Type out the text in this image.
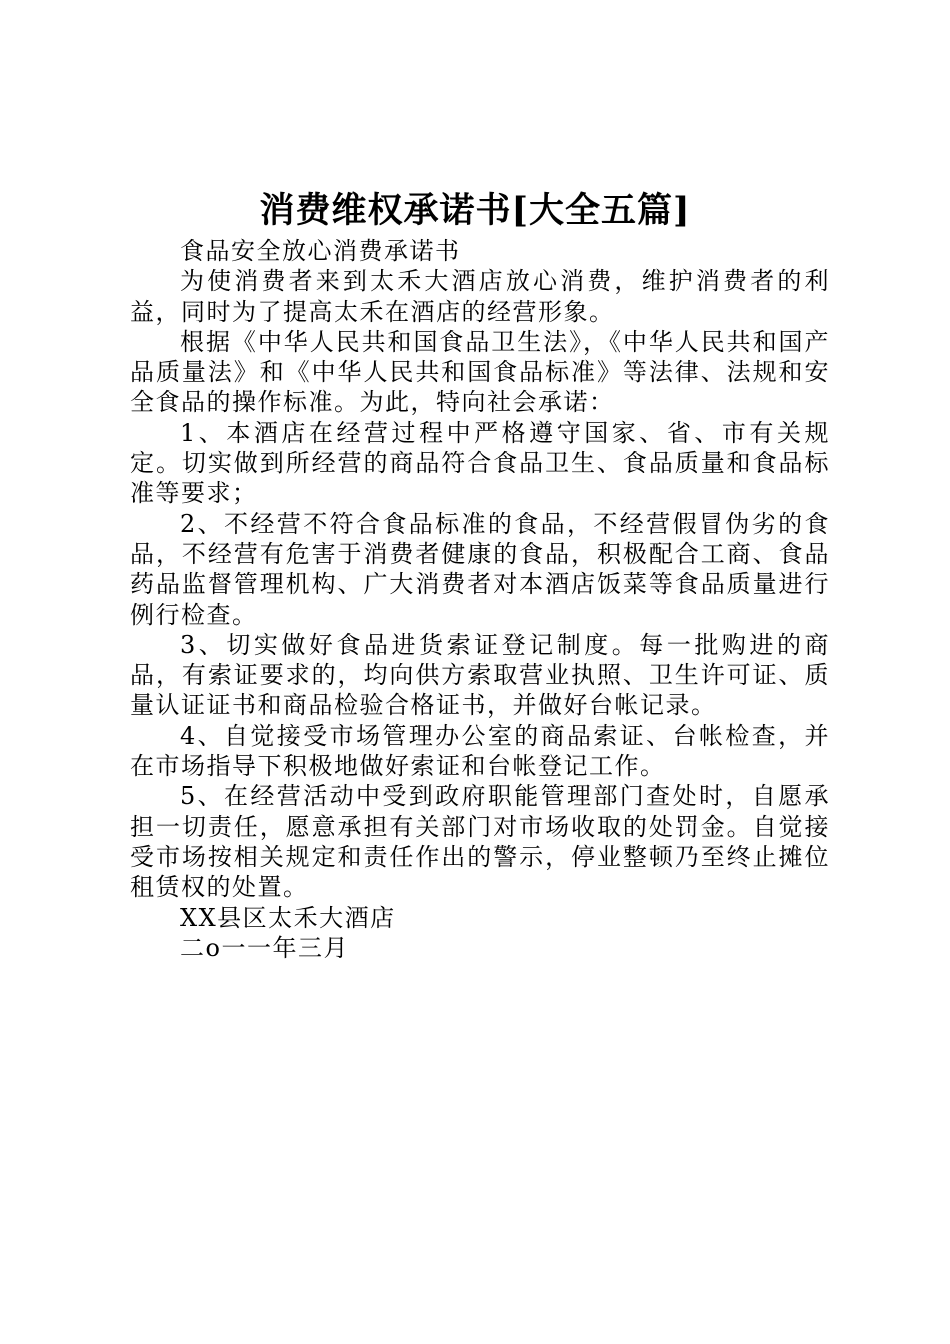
消费维权承诺书[大全五篇]

食品安全放心消费承诺书

为使消费者来到太禾大酒店放心消费，维护消费者的利益，同时为了提高太禾在酒店的经营形象。

根据《中华人民共和国食品卫生法》，《中华人民共和国产品质量法》和《中华人民共和国食品标准》等法律、法规和安全食品的操作标准。为此，特向社会承诺：

1、本酒店在经营过程中严格遵守国家、省、市有关规定。切实做到所经营的商品符合食品卫生、食品质量和食品标准等要求；

2、不经营不符合食品标准的食品，不经营假冒伪劣的食品，不经营有危害于消费者健康的食品，积极配合工商、食品药品监督管理机构、广大消费者对本酒店饭菜等食品质量进行例行检查。

3、切实做好食品进货索证登记制度。每一批购进的商品，有索证要求的，均向供方索取营业执照、卫生许可证、质量认证证书和商品检验合格证书，并做好台帐记录。

4、自觉接受市场管理办公室的商品索证、台帐检查，并在市场指导下积极地做好索证和台帐登记工作。

5、在经营活动中受到政府职能管理部门查处时，自愿承担一切责任，愿意承担有关部门对市场收取的处罚金。自觉接受市场按相关规定和责任作出的警示，停业整顿乃至终止摊位租赁权的处置。

XX县区太禾大酒店

二o一一年三月
